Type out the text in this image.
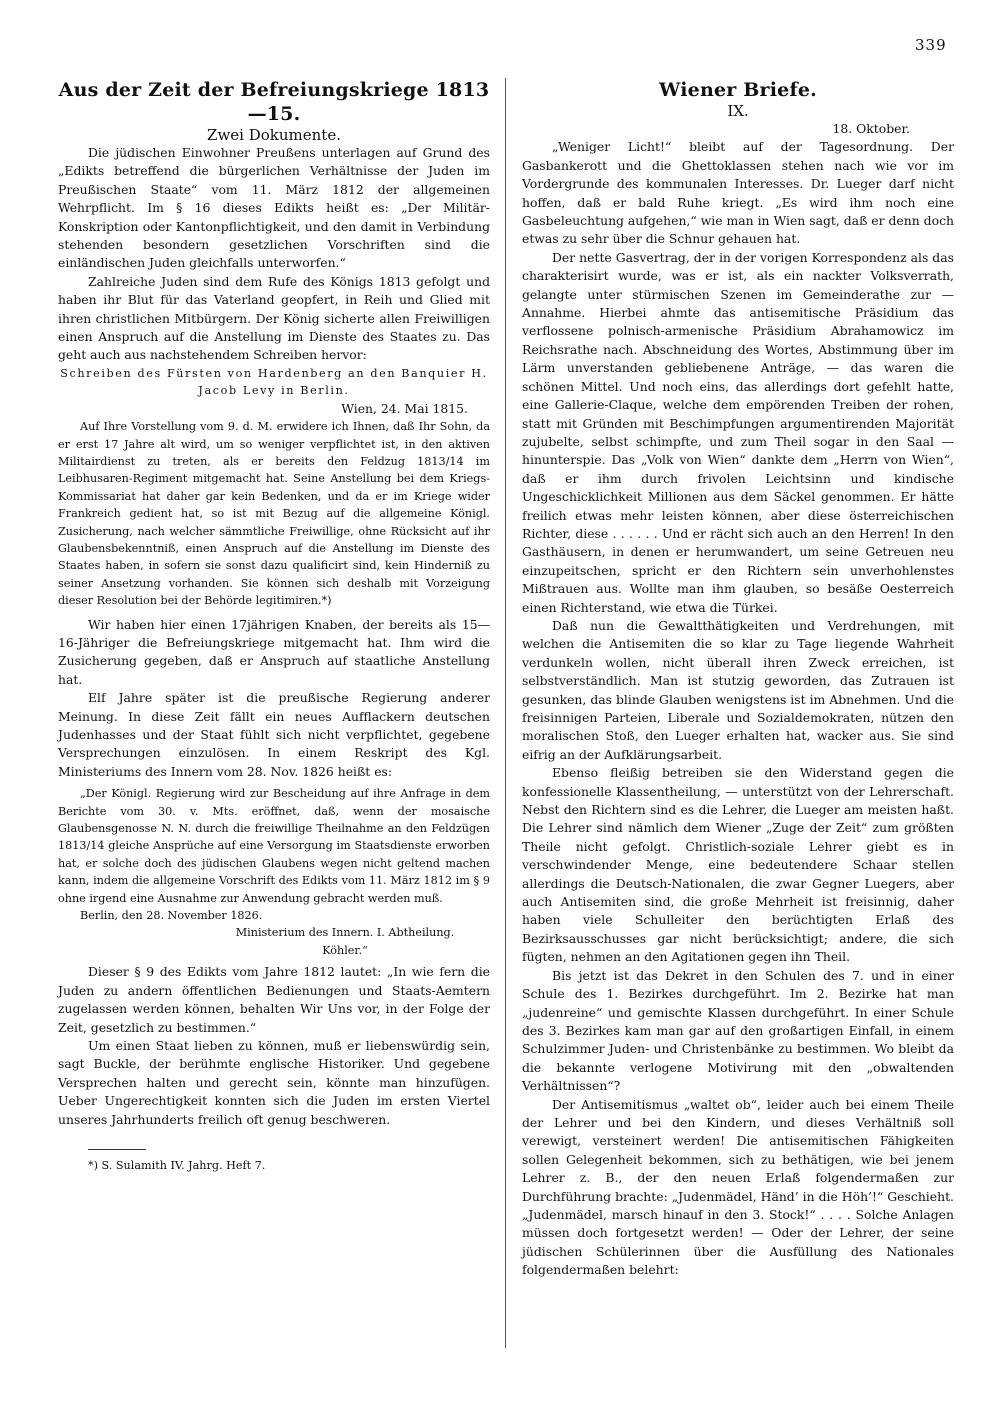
339
Aus der Zeit der Befreiungskriege 1813—15.
Zwei Dokumente.

Die jüdischen Einwohner Preußens unterlagen auf Grund des „Edikts betreffend die bürgerlichen Verhältnisse der Juden im Preußischen Staate“ vom 11. März 1812 der allgemeinen Wehrpflicht. Im § 16 dieses Edikts heißt es: „Der Militär-Konskription oder Kantonpflichtigkeit, und den damit in Verbindung stehenden besondern gesetzlichen Vorschriften sind die einländischen Juden gleichfalls unterworfen.“

Zahlreiche Juden sind dem Rufe des Königs 1813 gefolgt und haben ihr Blut für das Vaterland geopfert, in Reih und Glied mit ihren christlichen Mitbürgern. Der König sicherte allen Freiwilligen einen Anspruch auf die Anstellung im Dienste des Staates zu. Das geht auch aus nachstehendem Schreiben hervor:

Schreiben des Fürsten von Hardenberg an den Banquier H. Jacob Levy in Berlin.

Wien, 24. Mai 1815.

Auf Ihre Vorstellung vom 9. d. M. erwidere ich Ihnen, daß Ihr Sohn, da er erst 17 Jahre alt wird, um so weniger verpflichtet ist, in den aktiven Militairdienst zu treten, als er bereits den Feldzug 1813/14 im Leibhusaren-Regiment mitgemacht hat. Seine Anstellung bei dem Kriegs-Kommissariat hat daher gar kein Bedenken, und da er im Kriege wider Frankreich gedient hat, so ist mit Bezug auf die allgemeine Königl. Zusicherung, nach welcher sämmtliche Freiwillige, ohne Rücksicht auf ihr Glaubensbekenntniß, einen Anspruch auf die Anstellung im Dienste des Staates haben, in sofern sie sonst dazu qualificirt sind, kein Hinderniß zu seiner Ansetzung vorhanden. Sie können sich deshalb mit Vorzeigung dieser Resolution bei der Behörde legitimiren.*)

Wir haben hier einen 17jährigen Knaben, der bereits als 15—16-Jähriger die Befreiungskriege mitgemacht hat. Ihm wird die Zusicherung gegeben, daß er Anspruch auf staatliche Anstellung hat.

Elf Jahre später ist die preußische Regierung anderer Meinung. In diese Zeit fällt ein neues Aufflackern deutschen Judenhasses und der Staat fühlt sich nicht verpflichtet, gegebene Versprechungen einzulösen. In einem Reskript des Kgl. Ministeriums des Innern vom 28. Nov. 1826 heißt es:

„Der Königl. Regierung wird zur Bescheidung auf ihre Anfrage in dem Berichte vom 30. v. Mts. eröffnet, daß, wenn der mosaische Glaubensgenosse N. N. durch die freiwillige Theilnahme an den Feldzügen 1813/14 gleiche Ansprüche auf eine Versorgung im Staatsdienste erworben hat, er solche doch des jüdischen Glaubens wegen nicht geltend machen kann, indem die allgemeine Vorschrift des Edikts vom 11. März 1812 im § 9 ohne irgend eine Ausnahme zur Anwendung gebracht werden muß.

Berlin, den 28. November 1826.

Ministerium des Innern. I. Abtheilung.

Köhler.“

Dieser § 9 des Edikts vom Jahre 1812 lautet: „In wie fern die Juden zu andern öffentlichen Bedienungen und Staats-Aemtern zugelassen werden können, behalten Wir Uns vor, in der Folge der Zeit, gesetzlich zu bestimmen.“

Um einen Staat lieben zu können, muß er liebenswürdig sein, sagt Buckle, der berühmte englische Historiker. Und gegebene Versprechen halten und gerecht sein, könnte man hinzufügen. Ueber Ungerechtigkeit konnten sich die Juden im ersten Viertel unseres Jahrhunderts freilich oft genug beschweren.

*) S. Sulamith IV. Jahrg. Heft 7.

Wiener Briefe.
IX.

18. Oktober.

„Weniger Licht!“ bleibt auf der Tagesordnung. Der Gasbankerott und die Ghettoklassen stehen nach wie vor im Vordergrunde des kommunalen Interesses. Dr. Lueger darf nicht hoffen, daß er bald Ruhe kriegt. „Es wird ihm noch eine Gasbeleuchtung aufgehen,“ wie man in Wien sagt, daß er denn doch etwas zu sehr über die Schnur gehauen hat.

Der nette Gasvertrag, der in der vorigen Korrespondenz als das charakterisirt wurde, was er ist, als ein nackter Volksverrath, gelangte unter stürmischen Szenen im Gemeinderathe zur — Annahme. Hierbei ahmte das antisemitische Präsidium das verflossene polnisch-armenische Präsidium Abrahamowicz im Reichsrathe nach. Abschneidung des Wortes, Abstimmung über im Lärm unverstanden gebliebenene Anträge, — das waren die schönen Mittel. Und noch eins, das allerdings dort gefehlt hatte, eine Gallerie-Claque, welche dem empörenden Treiben der rohen, statt mit Gründen mit Beschimpfungen argumentirenden Majorität zujubelte, selbst schimpfte, und zum Theil sogar in den Saal — hinunterspie. Das „Volk von Wien“ dankte dem „Herrn von Wien“, daß er ihm durch frivolen Leichtsinn und kindische Ungeschicklichkeit Millionen aus dem Säckel genommen. Er hätte freilich etwas mehr leisten können, aber diese österreichischen Richter, diese . . . . . . Und er rächt sich auch an den Herren! In den Gasthäusern, in denen er herumwandert, um seine Getreuen neu einzupeitschen, spricht er den Richtern sein unverhohlenstes Mißtrauen aus. Wollte man ihm glauben, so besäße Oesterreich einen Richterstand, wie etwa die Türkei.

Daß nun die Gewaltthätigkeiten und Verdrehungen, mit welchen die Antisemiten die so klar zu Tage liegende Wahrheit verdunkeln wollen, nicht überall ihren Zweck erreichen, ist selbstverständlich. Man ist stutzig geworden, das Zutrauen ist gesunken, das blinde Glauben wenigstens ist im Abnehmen. Und die freisinnigen Parteien, Liberale und Sozialdemokraten, nützen den moralischen Stoß, den Lueger erhalten hat, wacker aus. Sie sind eifrig an der Aufklärungsarbeit.

Ebenso fleißig betreiben sie den Widerstand gegen die konfessionelle Klassentheilung, — unterstützt von der Lehrerschaft. Nebst den Richtern sind es die Lehrer, die Lueger am meisten haßt. Die Lehrer sind nämlich dem Wiener „Zuge der Zeit“ zum größten Theile nicht gefolgt. Christlich-soziale Lehrer giebt es in verschwindender Menge, eine bedeutendere Schaar stellen allerdings die Deutsch-Nationalen, die zwar Gegner Luegers, aber auch Antisemiten sind, die große Mehrheit ist freisinnig, daher haben viele Schulleiter den berüchtigten Erlaß des Bezirksausschusses gar nicht berücksichtigt; andere, die sich fügten, nehmen an den Agitationen gegen ihn Theil.

Bis jetzt ist das Dekret in den Schulen des 7. und in einer Schule des 1. Bezirkes durchgeführt. Im 2. Bezirke hat man „judenreine“ und gemischte Klassen durchgeführt. In einer Schule des 3. Bezirkes kam man gar auf den großartigen Einfall, in einem Schulzimmer Juden- und Christenbänke zu bestimmen. Wo bleibt da die bekannte verlogene Motivirung mit den „obwaltenden Verhältnissen“?

Der Antisemitismus „waltet ob“, leider auch bei einem Theile der Lehrer und bei den Kindern, und dieses Verhältniß soll verewigt, versteinert werden! Die antisemitischen Fähigkeiten sollen Gelegenheit bekommen, sich zu bethätigen, wie bei jenem Lehrer z. B., der den neuen Erlaß folgendermaßen zur Durchführung brachte: „Judenmädel, Händ’ in die Höh’!“ Geschieht. „Judenmädel, marsch hinauf in den 3. Stock!“ . . . . Solche Anlagen müssen doch fortgesetzt werden! — Oder der Lehrer, der seine jüdischen Schülerinnen über die Ausfüllung des Nationales folgendermaßen belehrt:
